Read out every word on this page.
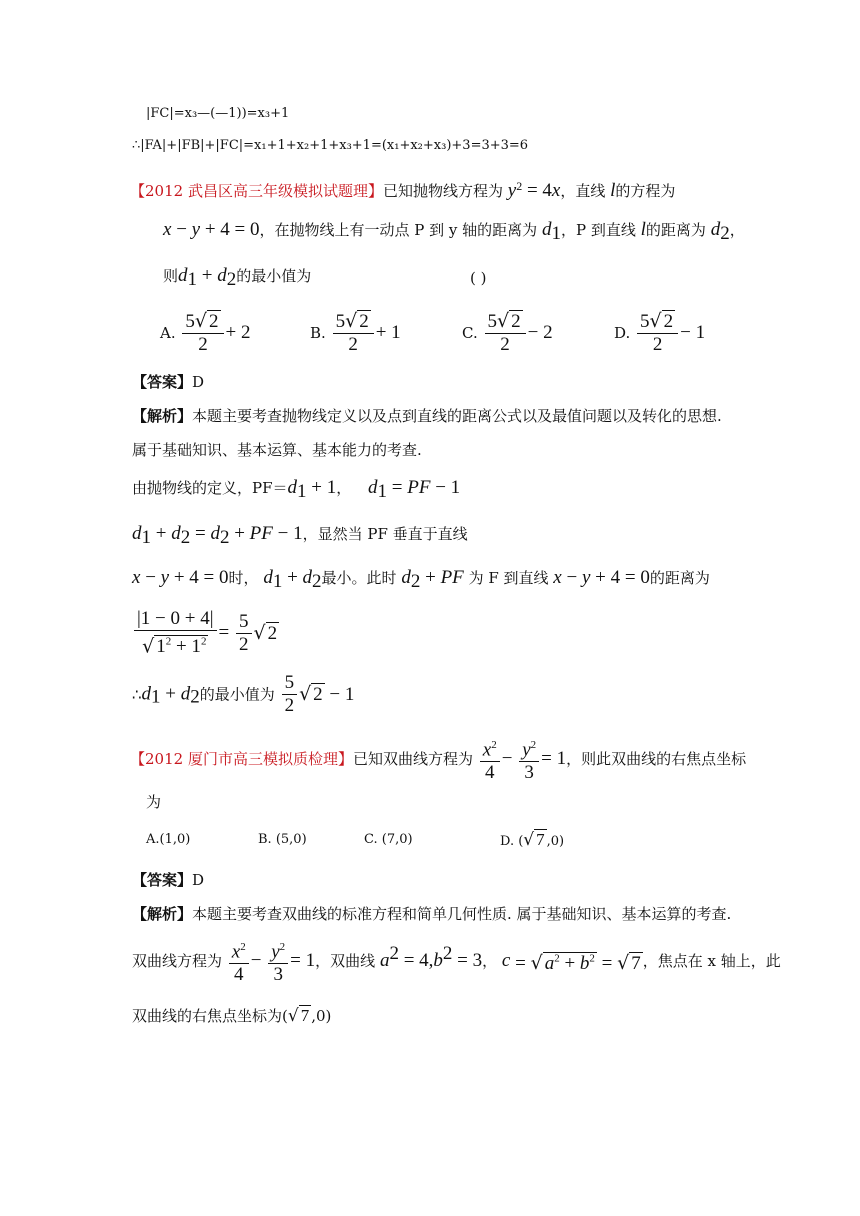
|FC|=x₃—(—1))=x₃+1
∴|FA|+|FB|+|FC|=x₁+1+x₂+1+x₃+1=(x₁+x₂+x₃)+3=3+3=6
【2012 武昌区高三年级模拟试题理】已知抛物线方程为 $y^2 = 4x$，直线 l的方程为
x − y + 4 = 0，在抛物线上有一动点 P 到 y 轴的距离为 $d_1$，P 到直线 l的距离为 $d_2$，
则$d_1 + d_2$的最小值为	( )
A. $\frac{5√ 2}{2} + 2$	B. $\frac{5√ 2}{2} + 1$	C. $\frac{5√ 2}{2} - 2$	D. $\frac{5√ 2}{2} - 1$
【答案】D
【解析】本题主要考查抛物线定义以及点到直线的距离公式以及最值问题以及转化的思想.
属于基础知识、基本运算、基本能力的考查.
由抛物线的定义，$PF=d_1 + 1$， $d_1$ = PF − 1
$d_1 + d_2 = d_2$ + PF − 1，显然当 PF 垂直于直线
x − y + 4 = 0时， $d_1 + d_2$最小。此时 $d_2$ + PF 为 F 到直线 x − y + 4 = 0的距离为
$\frac{|1 - 0 + 4|}{√ 1^2 + 1^2} = \frac{5}{2}$ √ 2
$\therefore d_1 + d_2$的最小值为 $\frac{5}{2}$ √ 2 − 1
【2012 厦门市高三模拟质检理】已知双曲线方程为 $\frac{x^2}{4} - \frac{y^2}{3} = 1$，则此双曲线的右焦点坐标
为
A.(1,0)	B. (5,0)	C. (7,0)	D. (√ 7 ,0)
【答案】D
【解析】本题主要考查双曲线的标准方程和简单几何性质. 属于基础知识、基本运算的考查.
双曲线方程为 $\frac{x^2}{4} - \frac{y^2}{3} = 1$，双曲线 $a^2 = 4,b^2 = 3$， c = √ $a^2 + b^2$ = √ 7 ，焦点在 x 轴上，此
双曲线的右焦点坐标为(√ 7 ,0)
